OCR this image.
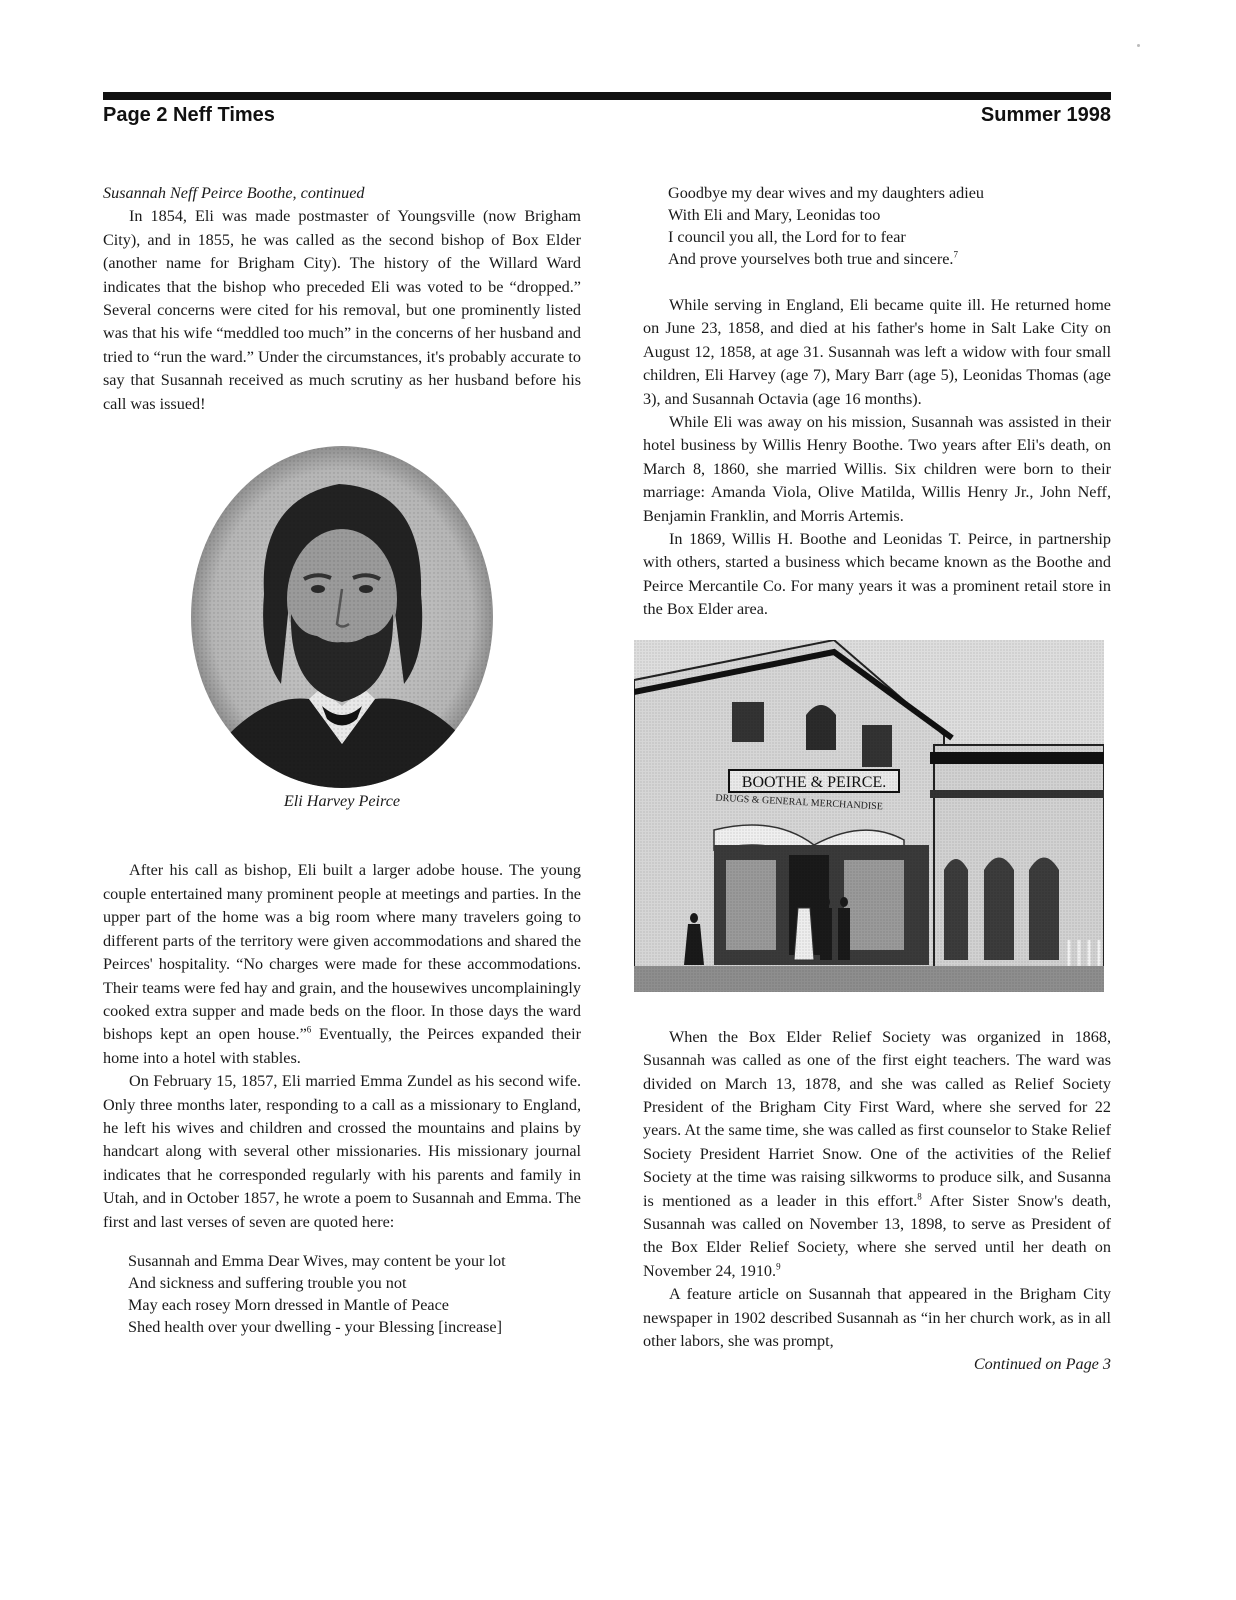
Page 2 Neff Times	Summer 1998
Susannah Neff Peirce Boothe, continued

In 1854, Eli was made postmaster of Youngsville (now Brigham City), and in 1855, he was called as the second bishop of Box Elder (another name for Brigham City). The history of the Willard Ward indicates that the bishop who preceded Eli was voted to be “dropped.” Several concerns were cited for his removal, but one prominently listed was that his wife “meddled too much” in the concerns of her husband and tried to “run the ward.” Under the circumstances, it's probably accurate to say that Susannah received as much scrutiny as her husband before his call was issued!

Eli Harvey Peirce

After his call as bishop, Eli built a larger adobe house. The young couple entertained many prominent people at meetings and parties. In the upper part of the home was a big room where many travelers going to different parts of the territory were given accommodations and shared the Peirces' hospitality. “No charges were made for these accommodations. Their teams were fed hay and grain, and the housewives uncomplainingly cooked extra supper and made beds on the floor. In those days the ward bishops kept an open house.”$^6$ Eventually, the Peirces expanded their home into a hotel with stables.

On February 15, 1857, Eli married Emma Zundel as his second wife. Only three months later, responding to a call as a missionary to England, he left his wives and children and crossed the mountains and plains by handcart along with several other missionaries. His missionary journal indicates that he corresponded regularly with his parents and family in Utah, and in October 1857, he wrote a poem to Susannah and Emma. The first and last verses of seven are quoted here:

Susannah and Emma Dear Wives, may content be your lot
And sickness and suffering trouble you not
May each rosey Morn dressed in Mantle of Peace
Shed health over your dwelling - your Blessing [increase]
Goodbye my dear wives and my daughters adieu
With Eli and Mary, Leonidas too
I council you all, the Lord for to fear
And prove yourselves both true and sincere.$^7$

While serving in England, Eli became quite ill. He returned home on June 23, 1858, and died at his father's home in Salt Lake City on August 12, 1858, at age 31. Susannah was left a widow with four small children, Eli Harvey (age 7), Mary Barr (age 5), Leonidas Thomas (age 3), and Susannah Octavia (age 16 months).

While Eli was away on his mission, Susannah was assisted in their hotel business by Willis Henry Boothe. Two years after Eli's death, on March 8, 1860, she married Willis. Six children were born to their marriage: Amanda Viola, Olive Matilda, Willis Henry Jr., John Neff, Benjamin Franklin, and Morris Artemis.

In 1869, Willis H. Boothe and Leonidas T. Peirce, in partnership with others, started a business which became known as the Boothe and Peirce Mercantile Co. For many years it was a prominent retail store in the Box Elder area.

When the Box Elder Relief Society was organized in 1868, Susannah was called as one of the first eight teachers. The ward was divided on March 13, 1878, and she was called as Relief Society President of the Brigham City First Ward, where she served for 22 years. At the same time, she was called as first counselor to Stake Relief Society President Harriet Snow. One of the activities of the Relief Society at the time was raising silkworms to produce silk, and Susanna is mentioned as a leader in this effort.$^8$ After Sister Snow's death, Susannah was called on November 13, 1898, to serve as President of the Box Elder Relief Society, where she served until her death on November 24, 1910.$^9$

A feature article on Susannah that appeared in the Brigham City newspaper in 1902 described Susannah as “in her church work, as in all other labors, she was prompt,

Continued on Page 3
